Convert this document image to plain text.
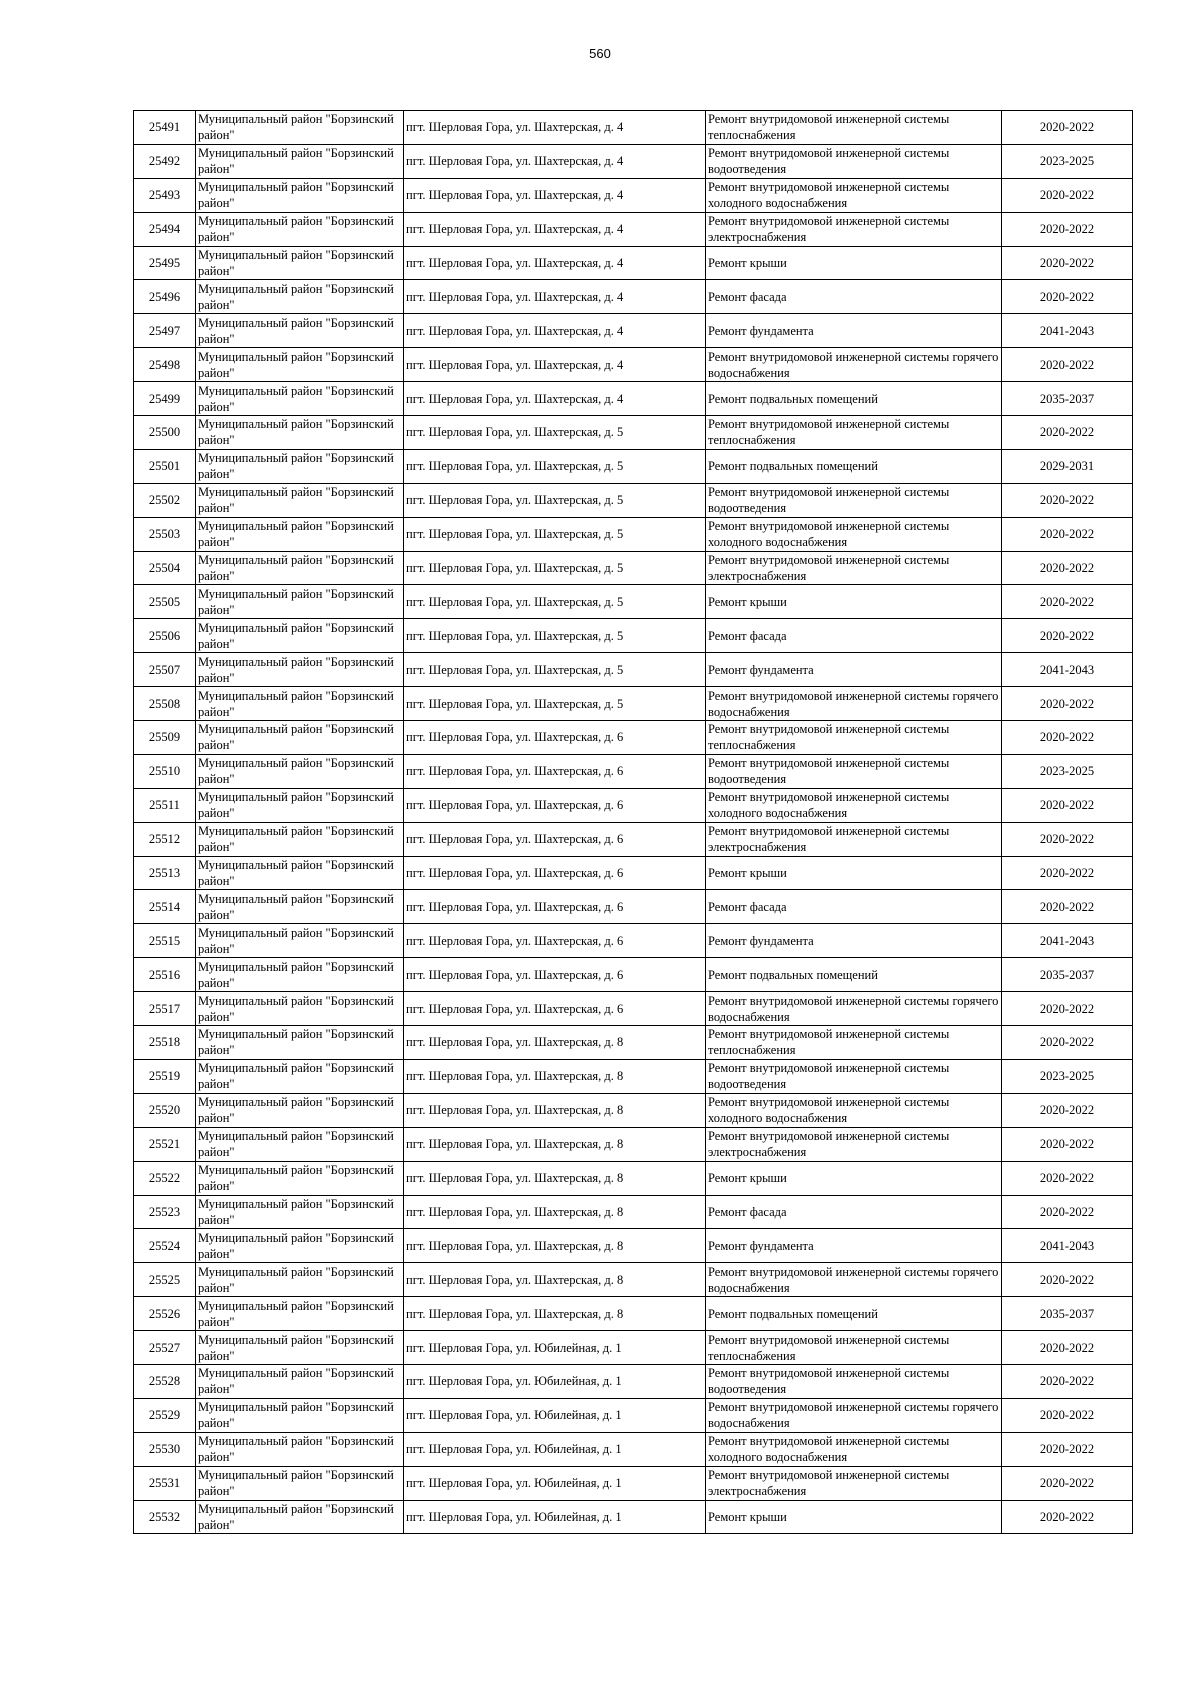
560
25491	Муниципальный район "Борзинский район"	пгт. Шерловая Гора, ул. Шахтерская, д. 4	Ремонт внутридомовой инженерной системы теплоснабжения	2020-2022
25492	Муниципальный район "Борзинский район"	пгт. Шерловая Гора, ул. Шахтерская, д. 4	Ремонт внутридомовой инженерной системы водоотведения	2023-2025
25493	Муниципальный район "Борзинский район"	пгт. Шерловая Гора, ул. Шахтерская, д. 4	Ремонт внутридомовой инженерной системы холодного водоснабжения	2020-2022
25494	Муниципальный район "Борзинский район"	пгт. Шерловая Гора, ул. Шахтерская, д. 4	Ремонт внутридомовой инженерной системы электроснабжения	2020-2022
25495	Муниципальный район "Борзинский район"	пгт. Шерловая Гора, ул. Шахтерская, д. 4	Ремонт крыши	2020-2022
25496	Муниципальный район "Борзинский район"	пгт. Шерловая Гора, ул. Шахтерская, д. 4	Ремонт фасада	2020-2022
25497	Муниципальный район "Борзинский район"	пгт. Шерловая Гора, ул. Шахтерская, д. 4	Ремонт фундамента	2041-2043
25498	Муниципальный район "Борзинский район"	пгт. Шерловая Гора, ул. Шахтерская, д. 4	Ремонт внутридомовой инженерной системы горячего водоснабжения	2020-2022
25499	Муниципальный район "Борзинский район"	пгт. Шерловая Гора, ул. Шахтерская, д. 4	Ремонт подвальных помещений	2035-2037
25500	Муниципальный район "Борзинский район"	пгт. Шерловая Гора, ул. Шахтерская, д. 5	Ремонт внутридомовой инженерной системы теплоснабжения	2020-2022
25501	Муниципальный район "Борзинский район"	пгт. Шерловая Гора, ул. Шахтерская, д. 5	Ремонт подвальных помещений	2029-2031
25502	Муниципальный район "Борзинский район"	пгт. Шерловая Гора, ул. Шахтерская, д. 5	Ремонт внутридомовой инженерной системы водоотведения	2020-2022
25503	Муниципальный район "Борзинский район"	пгт. Шерловая Гора, ул. Шахтерская, д. 5	Ремонт внутридомовой инженерной системы холодного водоснабжения	2020-2022
25504	Муниципальный район "Борзинский район"	пгт. Шерловая Гора, ул. Шахтерская, д. 5	Ремонт внутридомовой инженерной системы электроснабжения	2020-2022
25505	Муниципальный район "Борзинский район"	пгт. Шерловая Гора, ул. Шахтерская, д. 5	Ремонт крыши	2020-2022
25506	Муниципальный район "Борзинский район"	пгт. Шерловая Гора, ул. Шахтерская, д. 5	Ремонт фасада	2020-2022
25507	Муниципальный район "Борзинский район"	пгт. Шерловая Гора, ул. Шахтерская, д. 5	Ремонт фундамента	2041-2043
25508	Муниципальный район "Борзинский район"	пгт. Шерловая Гора, ул. Шахтерская, д. 5	Ремонт внутридомовой инженерной системы горячего водоснабжения	2020-2022
25509	Муниципальный район "Борзинский район"	пгт. Шерловая Гора, ул. Шахтерская, д. 6	Ремонт внутридомовой инженерной системы теплоснабжения	2020-2022
25510	Муниципальный район "Борзинский район"	пгт. Шерловая Гора, ул. Шахтерская, д. 6	Ремонт внутридомовой инженерной системы водоотведения	2023-2025
25511	Муниципальный район "Борзинский район"	пгт. Шерловая Гора, ул. Шахтерская, д. 6	Ремонт внутридомовой инженерной системы холодного водоснабжения	2020-2022
25512	Муниципальный район "Борзинский район"	пгт. Шерловая Гора, ул. Шахтерская, д. 6	Ремонт внутридомовой инженерной системы электроснабжения	2020-2022
25513	Муниципальный район "Борзинский район"	пгт. Шерловая Гора, ул. Шахтерская, д. 6	Ремонт крыши	2020-2022
25514	Муниципальный район "Борзинский район"	пгт. Шерловая Гора, ул. Шахтерская, д. 6	Ремонт фасада	2020-2022
25515	Муниципальный район "Борзинский район"	пгт. Шерловая Гора, ул. Шахтерская, д. 6	Ремонт фундамента	2041-2043
25516	Муниципальный район "Борзинский район"	пгт. Шерловая Гора, ул. Шахтерская, д. 6	Ремонт подвальных помещений	2035-2037
25517	Муниципальный район "Борзинский район"	пгт. Шерловая Гора, ул. Шахтерская, д. 6	Ремонт внутридомовой инженерной системы горячего водоснабжения	2020-2022
25518	Муниципальный район "Борзинский район"	пгт. Шерловая Гора, ул. Шахтерская, д. 8	Ремонт внутридомовой инженерной системы теплоснабжения	2020-2022
25519	Муниципальный район "Борзинский район"	пгт. Шерловая Гора, ул. Шахтерская, д. 8	Ремонт внутридомовой инженерной системы водоотведения	2023-2025
25520	Муниципальный район "Борзинский район"	пгт. Шерловая Гора, ул. Шахтерская, д. 8	Ремонт внутридомовой инженерной системы холодного водоснабжения	2020-2022
25521	Муниципальный район "Борзинский район"	пгт. Шерловая Гора, ул. Шахтерская, д. 8	Ремонт внутридомовой инженерной системы электроснабжения	2020-2022
25522	Муниципальный район "Борзинский район"	пгт. Шерловая Гора, ул. Шахтерская, д. 8	Ремонт крыши	2020-2022
25523	Муниципальный район "Борзинский район"	пгт. Шерловая Гора, ул. Шахтерская, д. 8	Ремонт фасада	2020-2022
25524	Муниципальный район "Борзинский район"	пгт. Шерловая Гора, ул. Шахтерская, д. 8	Ремонт фундамента	2041-2043
25525	Муниципальный район "Борзинский район"	пгт. Шерловая Гора, ул. Шахтерская, д. 8	Ремонт внутридомовой инженерной системы горячего водоснабжения	2020-2022
25526	Муниципальный район "Борзинский район"	пгт. Шерловая Гора, ул. Шахтерская, д. 8	Ремонт подвальных помещений	2035-2037
25527	Муниципальный район "Борзинский район"	пгт. Шерловая Гора, ул. Юбилейная, д. 1	Ремонт внутридомовой инженерной системы теплоснабжения	2020-2022
25528	Муниципальный район "Борзинский район"	пгт. Шерловая Гора, ул. Юбилейная, д. 1	Ремонт внутридомовой инженерной системы водоотведения	2020-2022
25529	Муниципальный район "Борзинский район"	пгт. Шерловая Гора, ул. Юбилейная, д. 1	Ремонт внутридомовой инженерной системы горячего водоснабжения	2020-2022
25530	Муниципальный район "Борзинский район"	пгт. Шерловая Гора, ул. Юбилейная, д. 1	Ремонт внутридомовой инженерной системы холодного водоснабжения	2020-2022
25531	Муниципальный район "Борзинский район"	пгт. Шерловая Гора, ул. Юбилейная, д. 1	Ремонт внутридомовой инженерной системы электроснабжения	2020-2022
25532	Муниципальный район "Борзинский район"	пгт. Шерловая Гора, ул. Юбилейная, д. 1	Ремонт крыши	2020-2022
